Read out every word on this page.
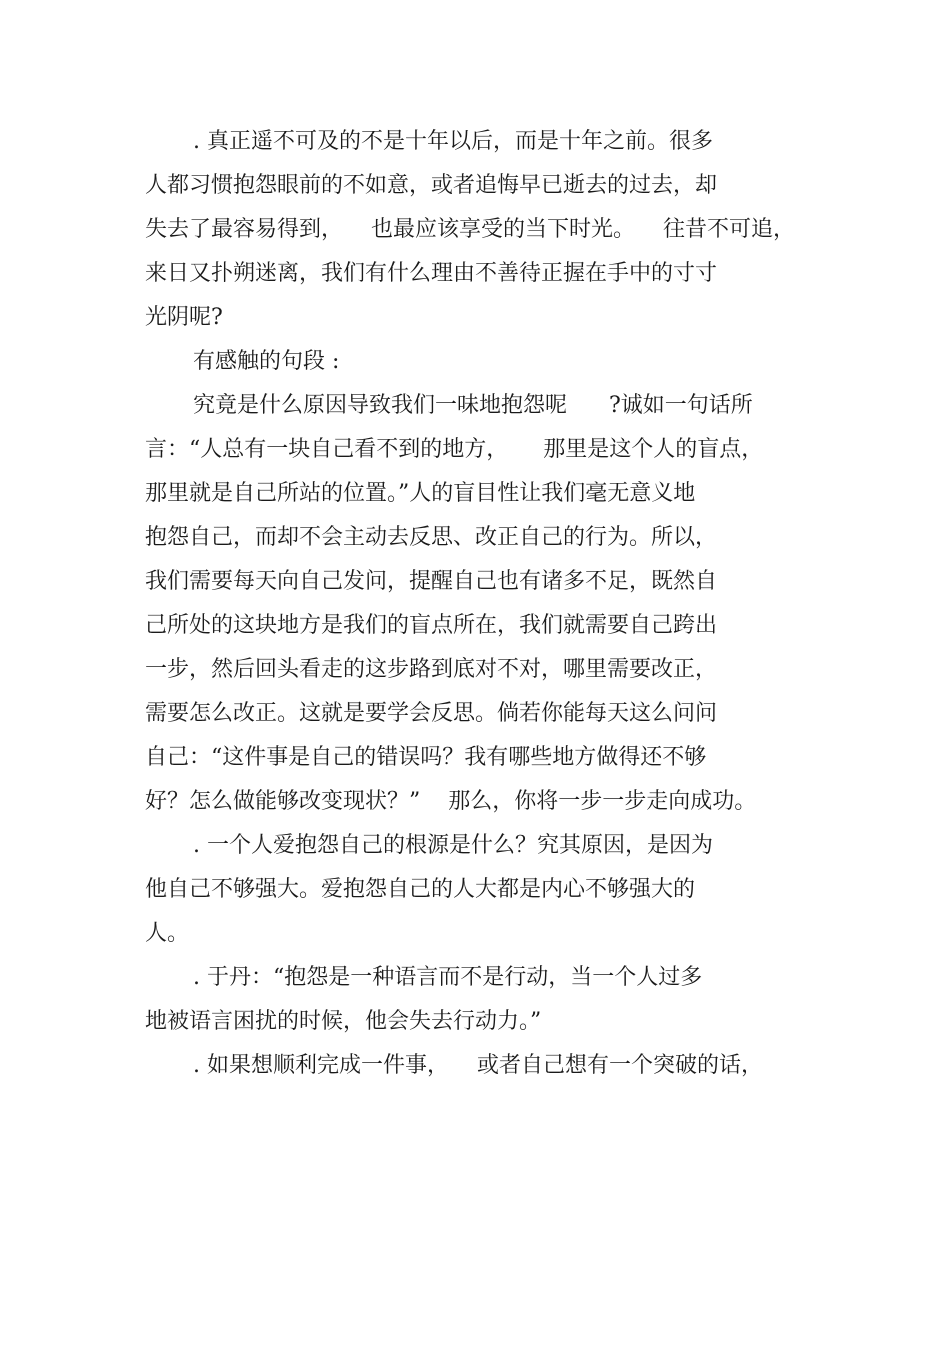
. 真正遥不可及的不是十年以后，而是十年之前。很多
人都习惯抱怨眼前的不如意，或者追悔早已逝去的过去，却
失去了最容易得到，    也最应该享受的当下时光。    往昔不可追，
来日又扑朔迷离，我们有什么理由不善待正握在手中的寸寸
光阴呢?
有感触的句段 :
究竟是什么原因导致我们一味地抱怨呢      ?诚如一句话所
言：“人总有一块自己看不到的地方，     那里是这个人的盲点，
那里就是自己所站的位置。”人的盲目性让我们毫无意义地
抱怨自己，而却不会主动去反思、改正自己的行为。所以，
我们需要每天向自己发问，提醒自己也有诸多不足，既然自
己所处的这块地方是我们的盲点所在，我们就需要自己跨出
一步，然后回头看走的这步路到底对不对，哪里需要改正，
需要怎么改正。这就是要学会反思。倘若你能每天这么问问
自己：“这件事是自己的错误吗？我有哪些地方做得还不够
好？怎么做能够改变现状？”    那么，你将一步一步走向成功。
. 一个人爱抱怨自己的根源是什么？究其原因，是因为
他自己不够强大。爱抱怨自己的人大都是内心不够强大的
人。
. 于丹：“抱怨是一种语言而不是行动，当一个人过多
地被语言困扰的时候，他会失去行动力。”
. 如果想顺利完成一件事，    或者自己想有一个突破的话，
